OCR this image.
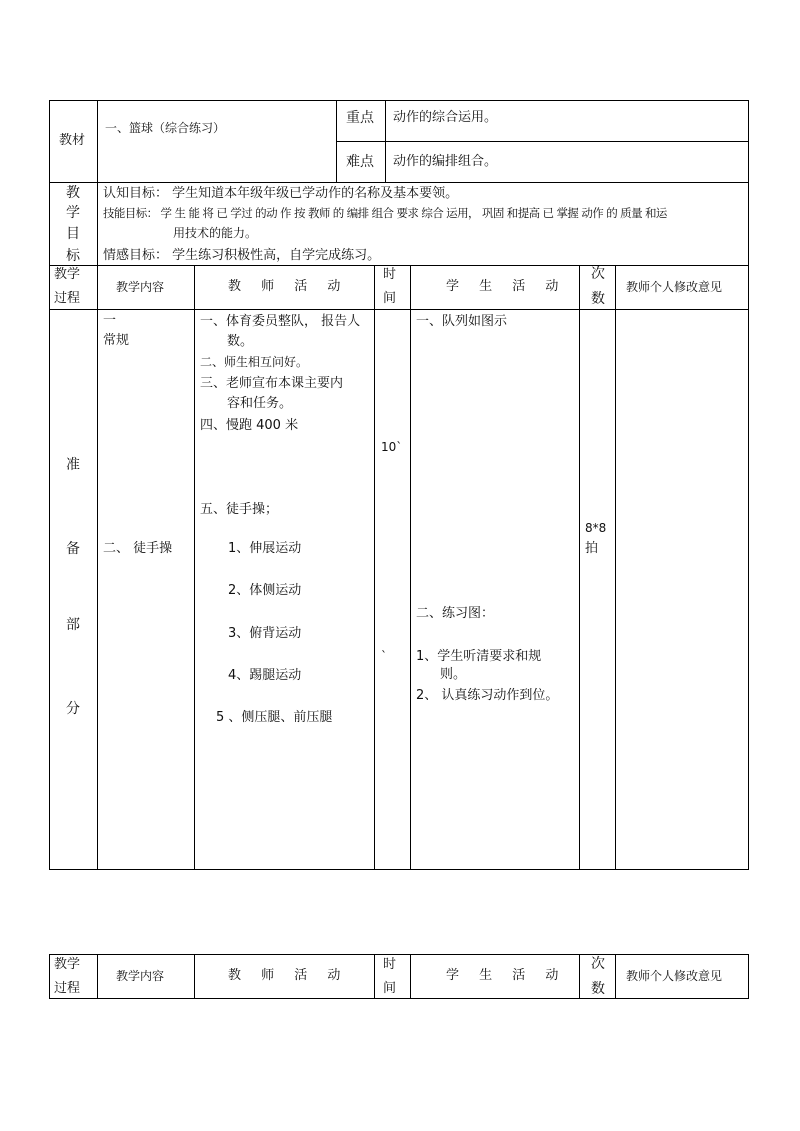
教材
一、篮球（综合练习）
重点 动作的综合运用。
难点 动作的编排组合。
教
学
目
标
认知目标： 学生知道本年级年级已学动作的名称及基本要领。
技能目标： 学 生 能 将 已 学过 的动 作 按 教师 的 编排 组合 要求 综合 运用， 巩固 和提高 已 掌握 动作 的 质量 和运
用技术的能力。
情感目标： 学生练习积极性高，自学完成练习。
教学
过程
教学内容	教 师 活 动
时
间
学 生 活 动
次
数
教师个人修改意见
准
备
部
分
一
常规
二、 徒手操
一、体育委员整队， 报告人
数。
二、师生相互问好。
三、老师宣布本课主要内
容和任务。
四、慢跑 400 米
五、徒手操；
1、伸展运动
2、体侧运动
3、俯背运动
4、踢腿运动
5 、侧压腿、前压腿
10`
`
一、队列如图示
二、练习图：
1、学生听清要求和规
则。
2、 认真练习动作到位。
8*8
拍
教学
过程
教学内容	教 师 活 动
时
间
学 生 活 动
次
数
教师个人修改意见
